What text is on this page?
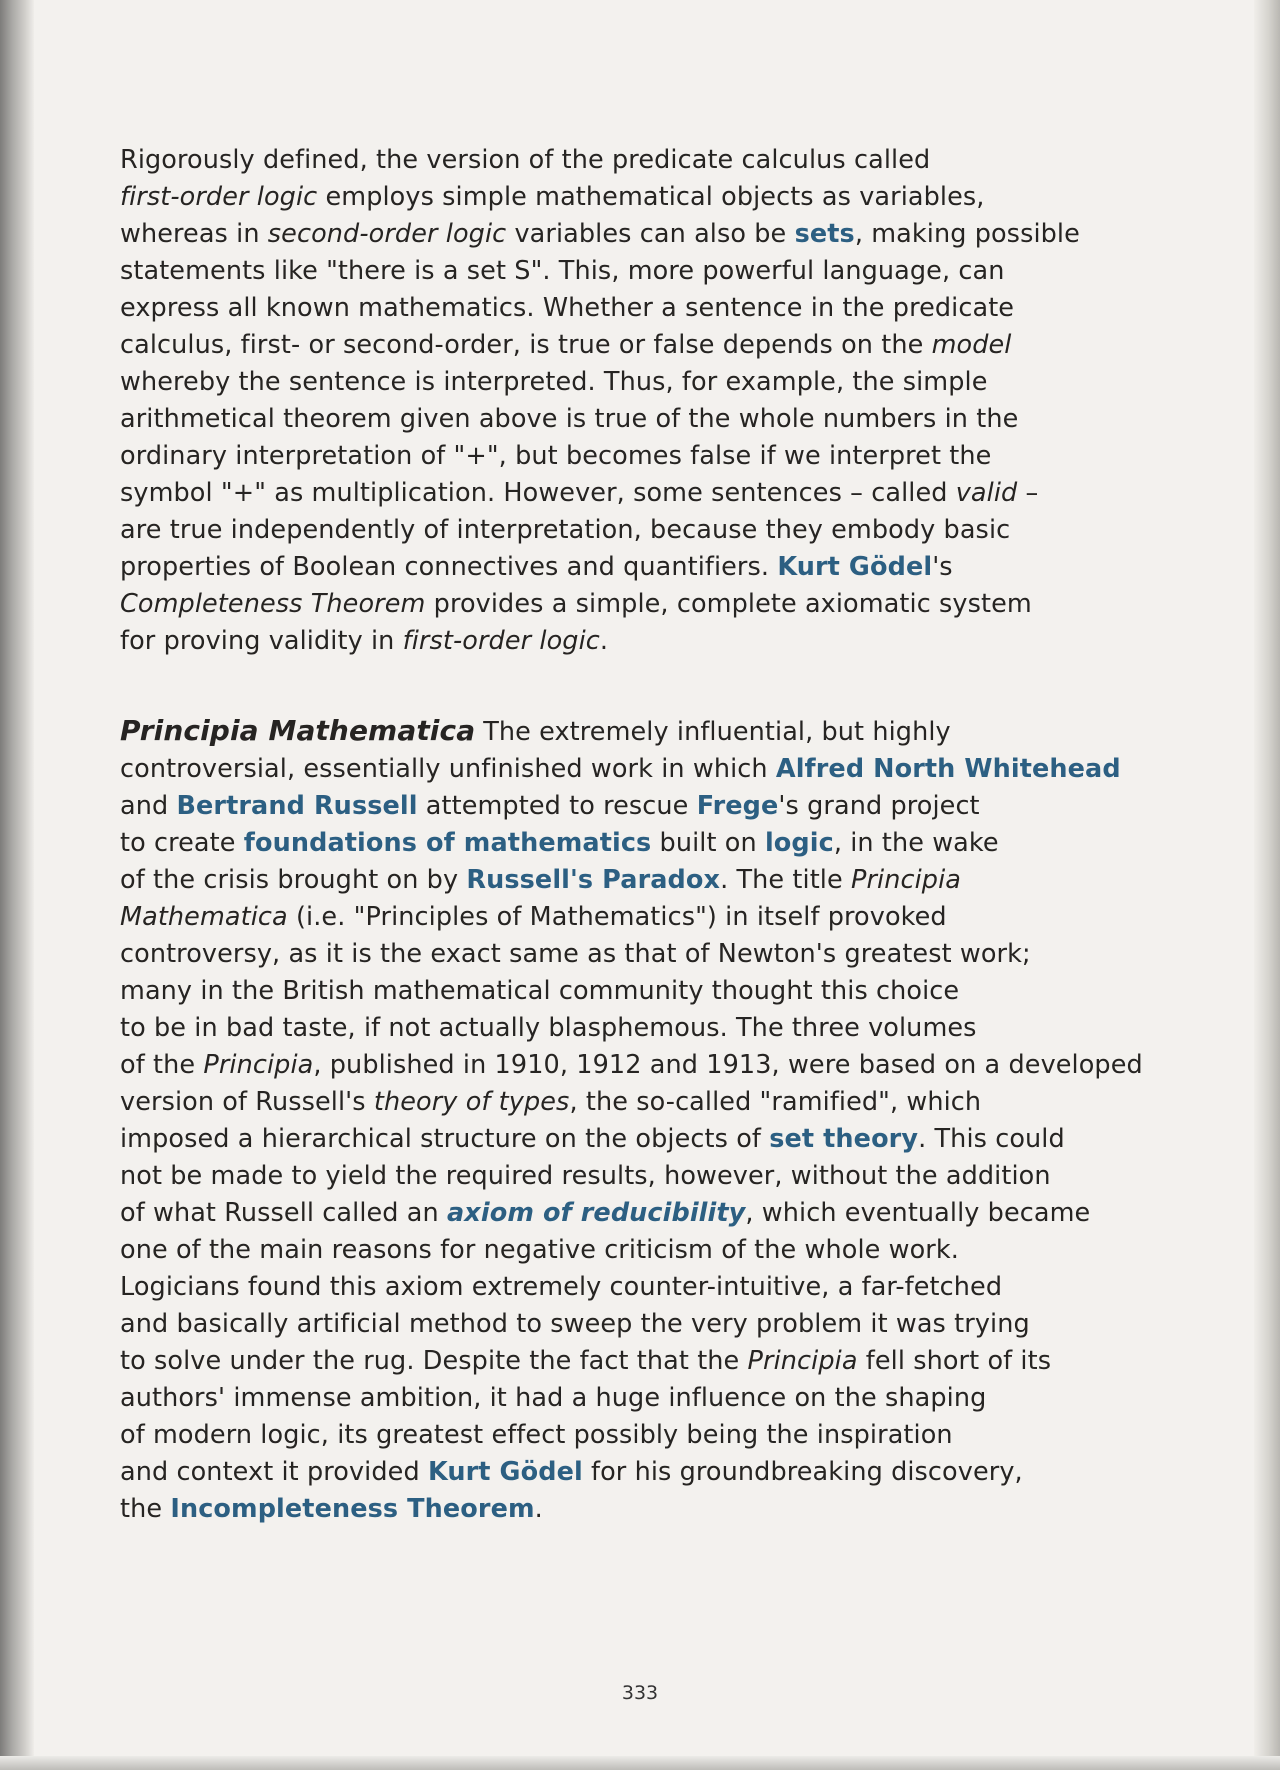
Rigorously defined, the version of the predicate calculus called
first-order logic employs simple mathematical objects as variables,
whereas in second-order logic variables can also be sets, making possible
statements like "there is a set S". This, more powerful language, can
express all known mathematics. Whether a sentence in the predicate
calculus, first- or second-order, is true or false depends on the model
whereby the sentence is interpreted. Thus, for example, the simple
arithmetical theorem given above is true of the whole numbers in the
ordinary interpretation of "+", but becomes false if we interpret the
symbol "+" as multiplication. However, some sentences – called valid –
are true independently of interpretation, because they embody basic
properties of Boolean connectives and quantifiers. Kurt Gödel's
Completeness Theorem provides a simple, complete axiomatic system
for proving validity in first-order logic.

Principia Mathematica The extremely influential, but highly
controversial, essentially unfinished work in which Alfred North Whitehead
and Bertrand Russell attempted to rescue Frege's grand project
to create foundations of mathematics built on logic, in the wake
of the crisis brought on by Russell's Paradox. The title Principia
Mathematica (i.e. "Principles of Mathematics") in itself provoked
controversy, as it is the exact same as that of Newton's greatest work;
many in the British mathematical community thought this choice
to be in bad taste, if not actually blasphemous. The three volumes
of the Principia, published in 1910, 1912 and 1913, were based on a developed
version of Russell's theory of types, the so-called "ramified", which
imposed a hierarchical structure on the objects of set theory. This could
not be made to yield the required results, however, without the addition
of what Russell called an axiom of reducibility, which eventually became
one of the main reasons for negative criticism of the whole work.
Logicians found this axiom extremely counter-intuitive, a far-fetched
and basically artificial method to sweep the very problem it was trying
to solve under the rug. Despite the fact that the Principia fell short of its
authors' immense ambition, it had a huge influence on the shaping
of modern logic, its greatest effect possibly being the inspiration
and context it provided Kurt Gödel for his groundbreaking discovery,
the Incompleteness Theorem.

333
